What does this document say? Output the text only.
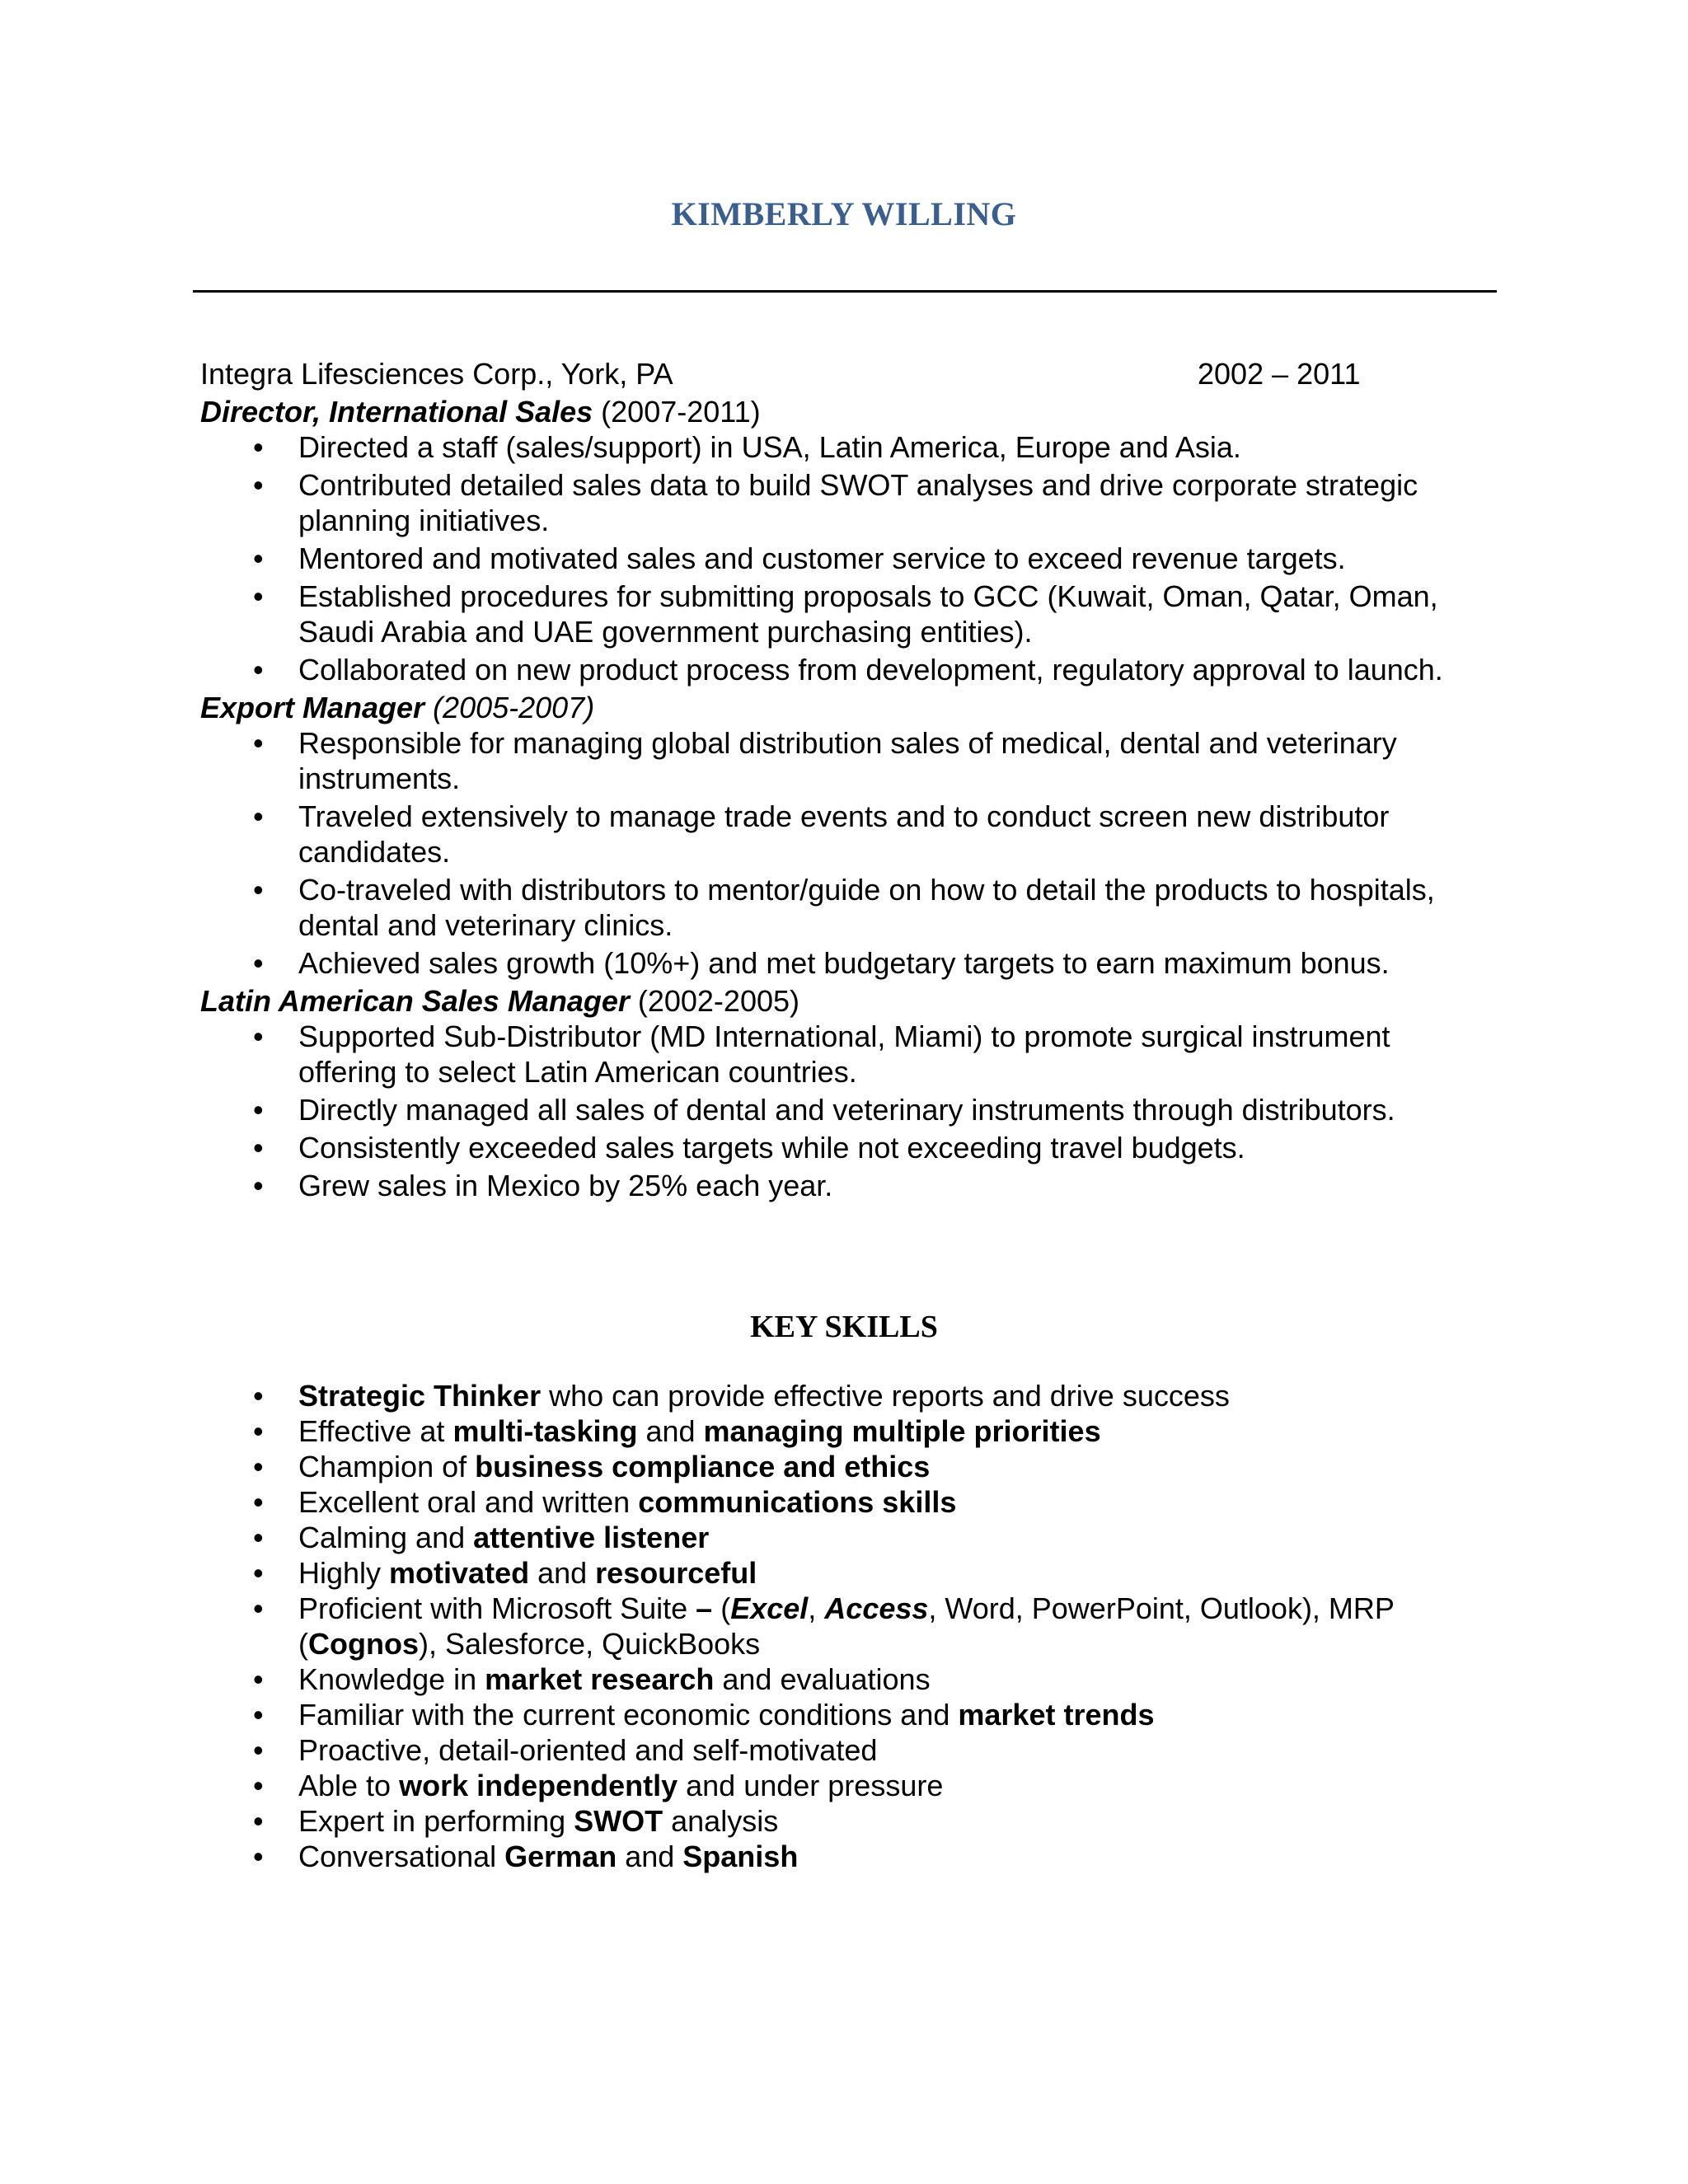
KIMBERLY WILLING
Integra Lifesciences Corp., York, PA	2002 – 2011
Director, International Sales (2007-2011)
• Directed a staff (sales/support) in USA, Latin America, Europe and Asia.
• Contributed detailed sales data to build SWOT analyses and drive corporate strategic planning initiatives.
• Mentored and motivated sales and customer service to exceed revenue targets.
• Established procedures for submitting proposals to GCC (Kuwait, Oman, Qatar, Oman, Saudi Arabia and UAE government purchasing entities).
• Collaborated on new product process from development, regulatory approval to launch.
Export Manager (2005-2007)
• Responsible for managing global distribution sales of medical, dental and veterinary instruments.
• Traveled extensively to manage trade events and to conduct screen new distributor candidates.
• Co-traveled with distributors to mentor/guide on how to detail the products to hospitals, dental and veterinary clinics.
• Achieved sales growth (10%+) and met budgetary targets to earn maximum bonus.
Latin American Sales Manager (2002-2005)
• Supported Sub-Distributor (MD International, Miami) to promote surgical instrument offering to select Latin American countries.
• Directly managed all sales of dental and veterinary instruments through distributors.
• Consistently exceeded sales targets while not exceeding travel budgets.
• Grew sales in Mexico by 25% each year.
KEY SKILLS
• Strategic Thinker who can provide effective reports and drive success
• Effective at multi-tasking and managing multiple priorities
• Champion of business compliance and ethics
• Excellent oral and written communications skills
• Calming and attentive listener
• Highly motivated and resourceful
• Proficient with Microsoft Suite – (Excel, Access, Word, PowerPoint, Outlook), MRP (Cognos), Salesforce, QuickBooks
• Knowledge in market research and evaluations
• Familiar with the current economic conditions and market trends
• Proactive, detail-oriented and self-motivated
• Able to work independently and under pressure
• Expert in performing SWOT analysis
• Conversational German and Spanish
